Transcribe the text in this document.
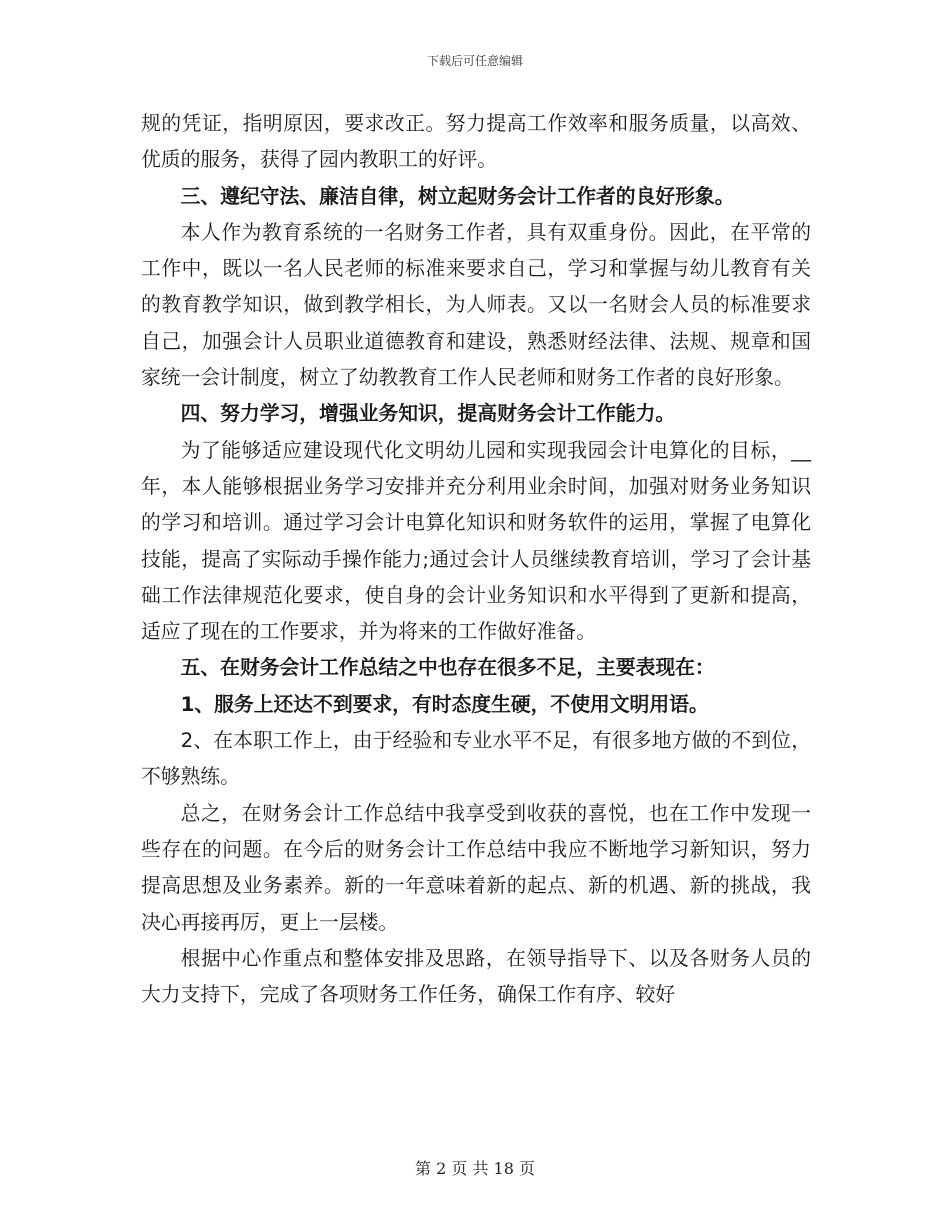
下载后可任意编辑

规的凭证，指明原因，要求改正。努力提高工作效率和服务质量，以高效、优质的服务，获得了园内教职工的好评。

三、遵纪守法、廉洁自律，树立起财务会计工作者的良好形象。

本人作为教育系统的一名财务工作者，具有双重身份。因此，在平常的工作中，既以一名人民老师的标准来要求自己，学习和掌握与幼儿教育有关的教育教学知识，做到教学相长，为人师表。又以一名财会人员的标准要求自己，加强会计人员职业道德教育和建设，熟悉财经法律、法规、规章和国家统一会计制度，树立了幼教教育工作人民老师和财务工作者的良好形象。

四、努力学习，增强业务知识，提高财务会计工作能力。

为了能够适应建设现代化文明幼儿园和实现我园会计电算化的目标，__年，本人能够根据业务学习安排并充分利用业余时间，加强对财务业务知识的学习和培训。通过学习会计电算化知识和财务软件的运用，掌握了电算化技能，提高了实际动手操作能力;通过会计人员继续教育培训，学习了会计基础工作法律规范化要求，使自身的会计业务知识和水平得到了更新和提高，适应了现在的工作要求，并为将来的工作做好准备。

五、在财务会计工作总结之中也存在很多不足，主要表现在：

1、服务上还达不到要求，有时态度生硬，不使用文明用语。

2、在本职工作上，由于经验和专业水平不足，有很多地方做的不到位，不够熟练。

总之，在财务会计工作总结中我享受到收获的喜悦，也在工作中发现一些存在的问题。在今后的财务会计工作总结中我应不断地学习新知识，努力提高思想及业务素养。新的一年意味着新的起点、新的机遇、新的挑战，我决心再接再厉，更上一层楼。

根据中心作重点和整体安排及思路，在领导指导下、以及各财务人员的大力支持下，完成了各项财务工作任务，确保工作有序、较好

第 2 页 共 18 页
